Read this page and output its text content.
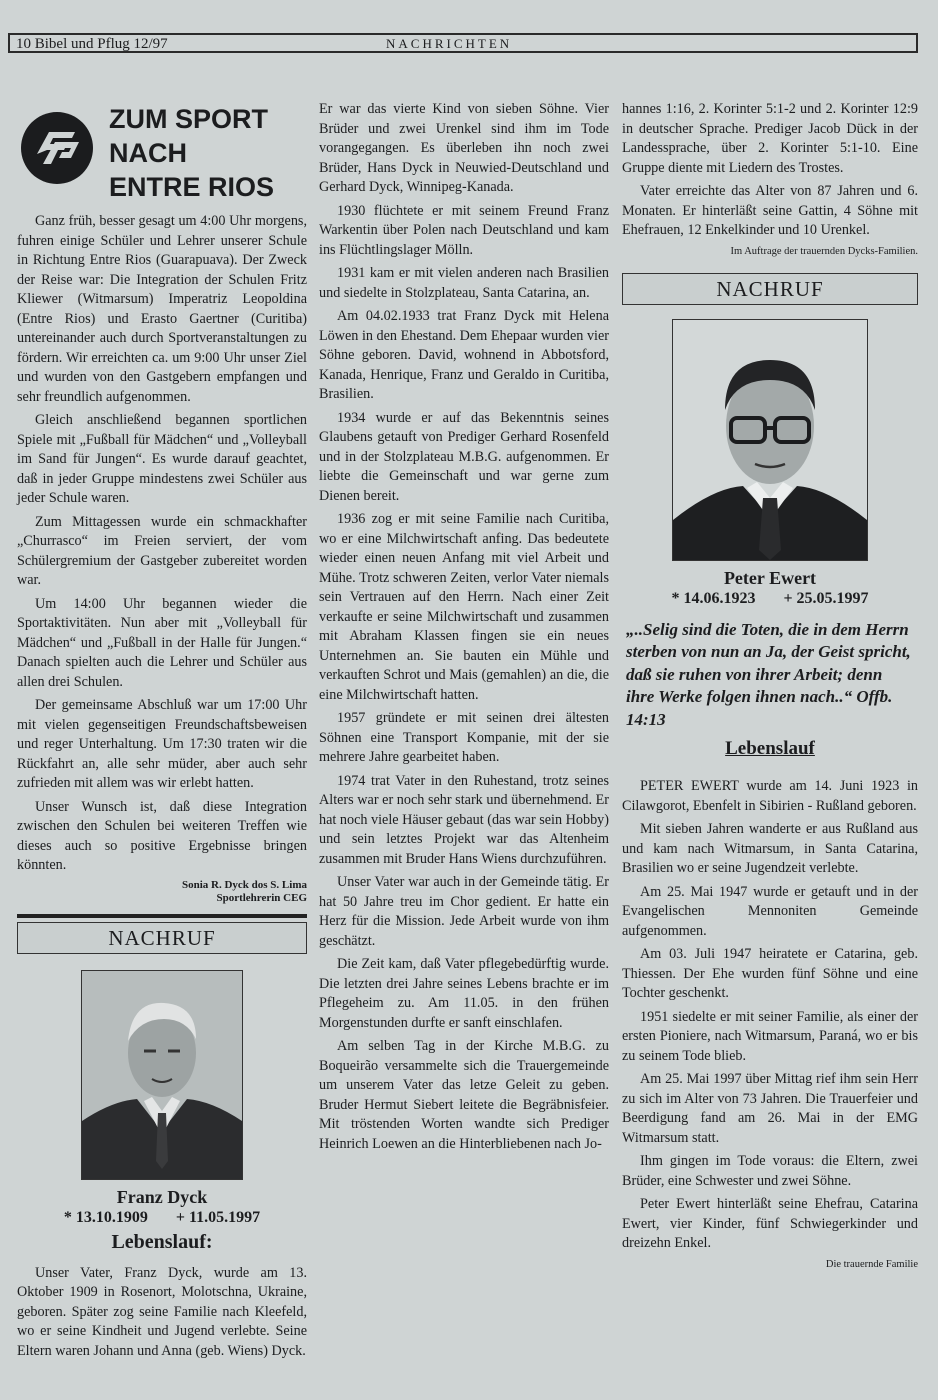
10 Bibel und Pflug 12/97	NACHRICHTEN
ZUM SPORT
NACH
ENTRE RIOS

Ganz früh, besser gesagt um 4:00 Uhr morgens, fuhren einige Schüler und Lehrer unserer Schule in Richtung Entre Rios (Guarapuava). Der Zweck der Reise war: Die Integration der Schulen Fritz Kliewer (Witmarsum) Imperatriz Leopoldina (Entre Rios) und Erasto Gaertner (Curitiba) untereinander auch durch Sportveranstaltungen zu fördern. Wir erreichten ca. um 9:00 Uhr unser Ziel und wurden von den Gastgebern empfangen und sehr freundlich aufgenommen.

Gleich anschließend begannen sportlichen Spiele mit „Fußball für Mädchen“ und „Volleyball im Sand für Jungen“. Es wurde darauf geachtet, daß in jeder Gruppe mindestens zwei Schüler aus jeder Schule waren.

Zum Mittagessen wurde ein schmackhafter „Churrasco“ im Freien serviert, der vom Schülergremium der Gastgeber zubereitet worden war.

Um 14:00 Uhr begannen wieder die Sportaktivitäten. Nun aber mit „Volleyball für Mädchen“ und „Fußball in der Halle für Jungen.“ Danach spielten auch die Lehrer und Schüler aus allen drei Schulen.

Der gemeinsame Abschluß war um 17:00 Uhr mit vielen gegenseitigen Freundschaftsbeweisen und reger Unterhaltung. Um 17:30 traten wir die Rückfahrt an, alle sehr müder, aber auch sehr zufrieden mit allem was wir erlebt hatten.

Unser Wunsch ist, daß diese Integration zwischen den Schulen bei weiteren Treffen wie dieses auch so positive Ergebnisse bringen könnten.

Sonia R. Dyck dos S. Lima
Sportlehrerin CEG
NACHRUF
Franz Dyck
* 13.10.1909 + 11.05.1997
Lebenslauf:

Unser Vater, Franz Dyck, wurde am 13. Oktober 1909 in Rosenort, Molotschna, Ukraine, geboren. Später zog seine Familie nach Kleefeld, wo er seine Kindheit und Jugend verlebte. Seine Eltern waren Johann und Anna (geb. Wiens) Dyck.

Er war das vierte Kind von sieben Söhne. Vier Brüder und zwei Urenkel sind ihm im Tode vorangegangen. Es überleben ihn noch zwei Brüder, Hans Dyck in Neuwied-Deutschland und Gerhard Dyck, Winnipeg-Kanada.

1930 flüchtete er mit seinem Freund Franz Warkentin über Polen nach Deutschland und kam ins Flüchtlingslager Mölln.

1931 kam er mit vielen anderen nach Brasilien und siedelte in Stolzplateau, Santa Catarina, an.

Am 04.02.1933 trat Franz Dyck mit Helena Löwen in den Ehestand. Dem Ehepaar wurden vier Söhne geboren. David, wohnend in Abbotsford, Kanada, Henrique, Franz und Geraldo in Curitiba, Brasilien.

1934 wurde er auf das Bekenntnis seines Glaubens getauft von Prediger Gerhard Rosenfeld und in der Stolzplateau M.B.G. aufgenommen. Er liebte die Gemeinschaft und war gerne zum Dienen bereit.

1936 zog er mit seine Familie nach Curitiba, wo er eine Milchwirtschaft anfing. Das bedeutete wieder einen neuen Anfang mit viel Arbeit und Mühe. Trotz schweren Zeiten, verlor Vater niemals sein Vertrauen auf den Herrn. Nach einer Zeit verkaufte er seine Milchwirtschaft und zusammen mit Abraham Klassen fingen sie ein neues Unternehmen an. Sie bauten ein Mühle und verkauften Schrot und Mais (gemahlen) an die, die eine Milchwirtschaft hatten.

1957 gründete er mit seinen drei ältesten Söhnen eine Transport Kompanie, mit der sie mehrere Jahre gearbeitet haben.

1974 trat Vater in den Ruhestand, trotz seines Alters war er noch sehr stark und übernehmend. Er hat noch viele Häuser gebaut (das war sein Hobby) und sein letztes Projekt war das Altenheim zusammen mit Bruder Hans Wiens durchzuführen.

Unser Vater war auch in der Gemeinde tätig. Er hat 50 Jahre treu im Chor gedient. Er hatte ein Herz für die Mission. Jede Arbeit wurde von ihm geschätzt.

Die Zeit kam, daß Vater pflegebedürftig wurde. Die letzten drei Jahre seines Lebens brachte er im Pflegeheim zu. Am 11.05. in den frühen Morgenstunden durfte er sanft einschlafen.

Am selben Tag in der Kirche M.B.G. zu Boqueirão versammelte sich die Trauergemeinde um unserem Vater das letze Geleit zu geben. Bruder Hermut Siebert leitete die Begräbnisfeier. Mit tröstenden Worten wandte sich Prediger Heinrich Loewen an die Hinterbliebenen nach Jo-

hannes 1:16, 2. Korinter 5:1-2 und 2. Korinter 12:9 in deutscher Sprache. Prediger Jacob Dück in der Landessprache, über 2. Korinter 5:1-10. Eine Gruppe diente mit Liedern des Trostes.

Vater erreichte das Alter von 87 Jahren und 6. Monaten. Er hinterläßt seine Gattin, 4 Söhne mit Ehefrauen, 12 Enkelkinder und 10 Urenkel.

Im Auftrage der trauernden Dycks-Familien.
NACHRUF
Peter Ewert
* 14.06.1923 + 25.05.1997
„..Selig sind die Toten, die in dem Herrn sterben von nun an Ja, der Geist spricht, daß sie ruhen von ihrer Arbeit; denn ihre Werke folgen ihnen nach..“ Offb. 14:13
Lebenslauf

PETER EWERT wurde am 14. Juni 1923 in Cilawgorot, Ebenfelt in Sibirien - Rußland geboren.

Mit sieben Jahren wanderte er aus Rußland aus und kam nach Witmarsum, in Santa Catarina, Brasilien wo er seine Jugendzeit verlebte.

Am 25. Mai 1947 wurde er getauft und in der Evangelischen Mennoniten Gemeinde aufgenommen.

Am 03. Juli 1947 heiratete er Catarina, geb. Thiessen. Der Ehe wurden fünf Söhne und eine Tochter geschenkt.

1951 siedelte er mit seiner Familie, als einer der ersten Pioniere, nach Witmarsum, Paraná, wo er bis zu seinem Tode blieb.

Am 25. Mai 1997 über Mittag rief ihm sein Herr zu sich im Alter von 73 Jahren. Die Trauerfeier und Beerdigung fand am 26. Mai in der EMG Witmarsum statt.

Ihm gingen im Tode voraus: die Eltern, zwei Brüder, eine Schwester und zwei Söhne.

Peter Ewert hinterläßt seine Ehefrau, Catarina Ewert, vier Kinder, fünf Schwiegerkinder und dreizehn Enkel.

Die trauernde Familie
